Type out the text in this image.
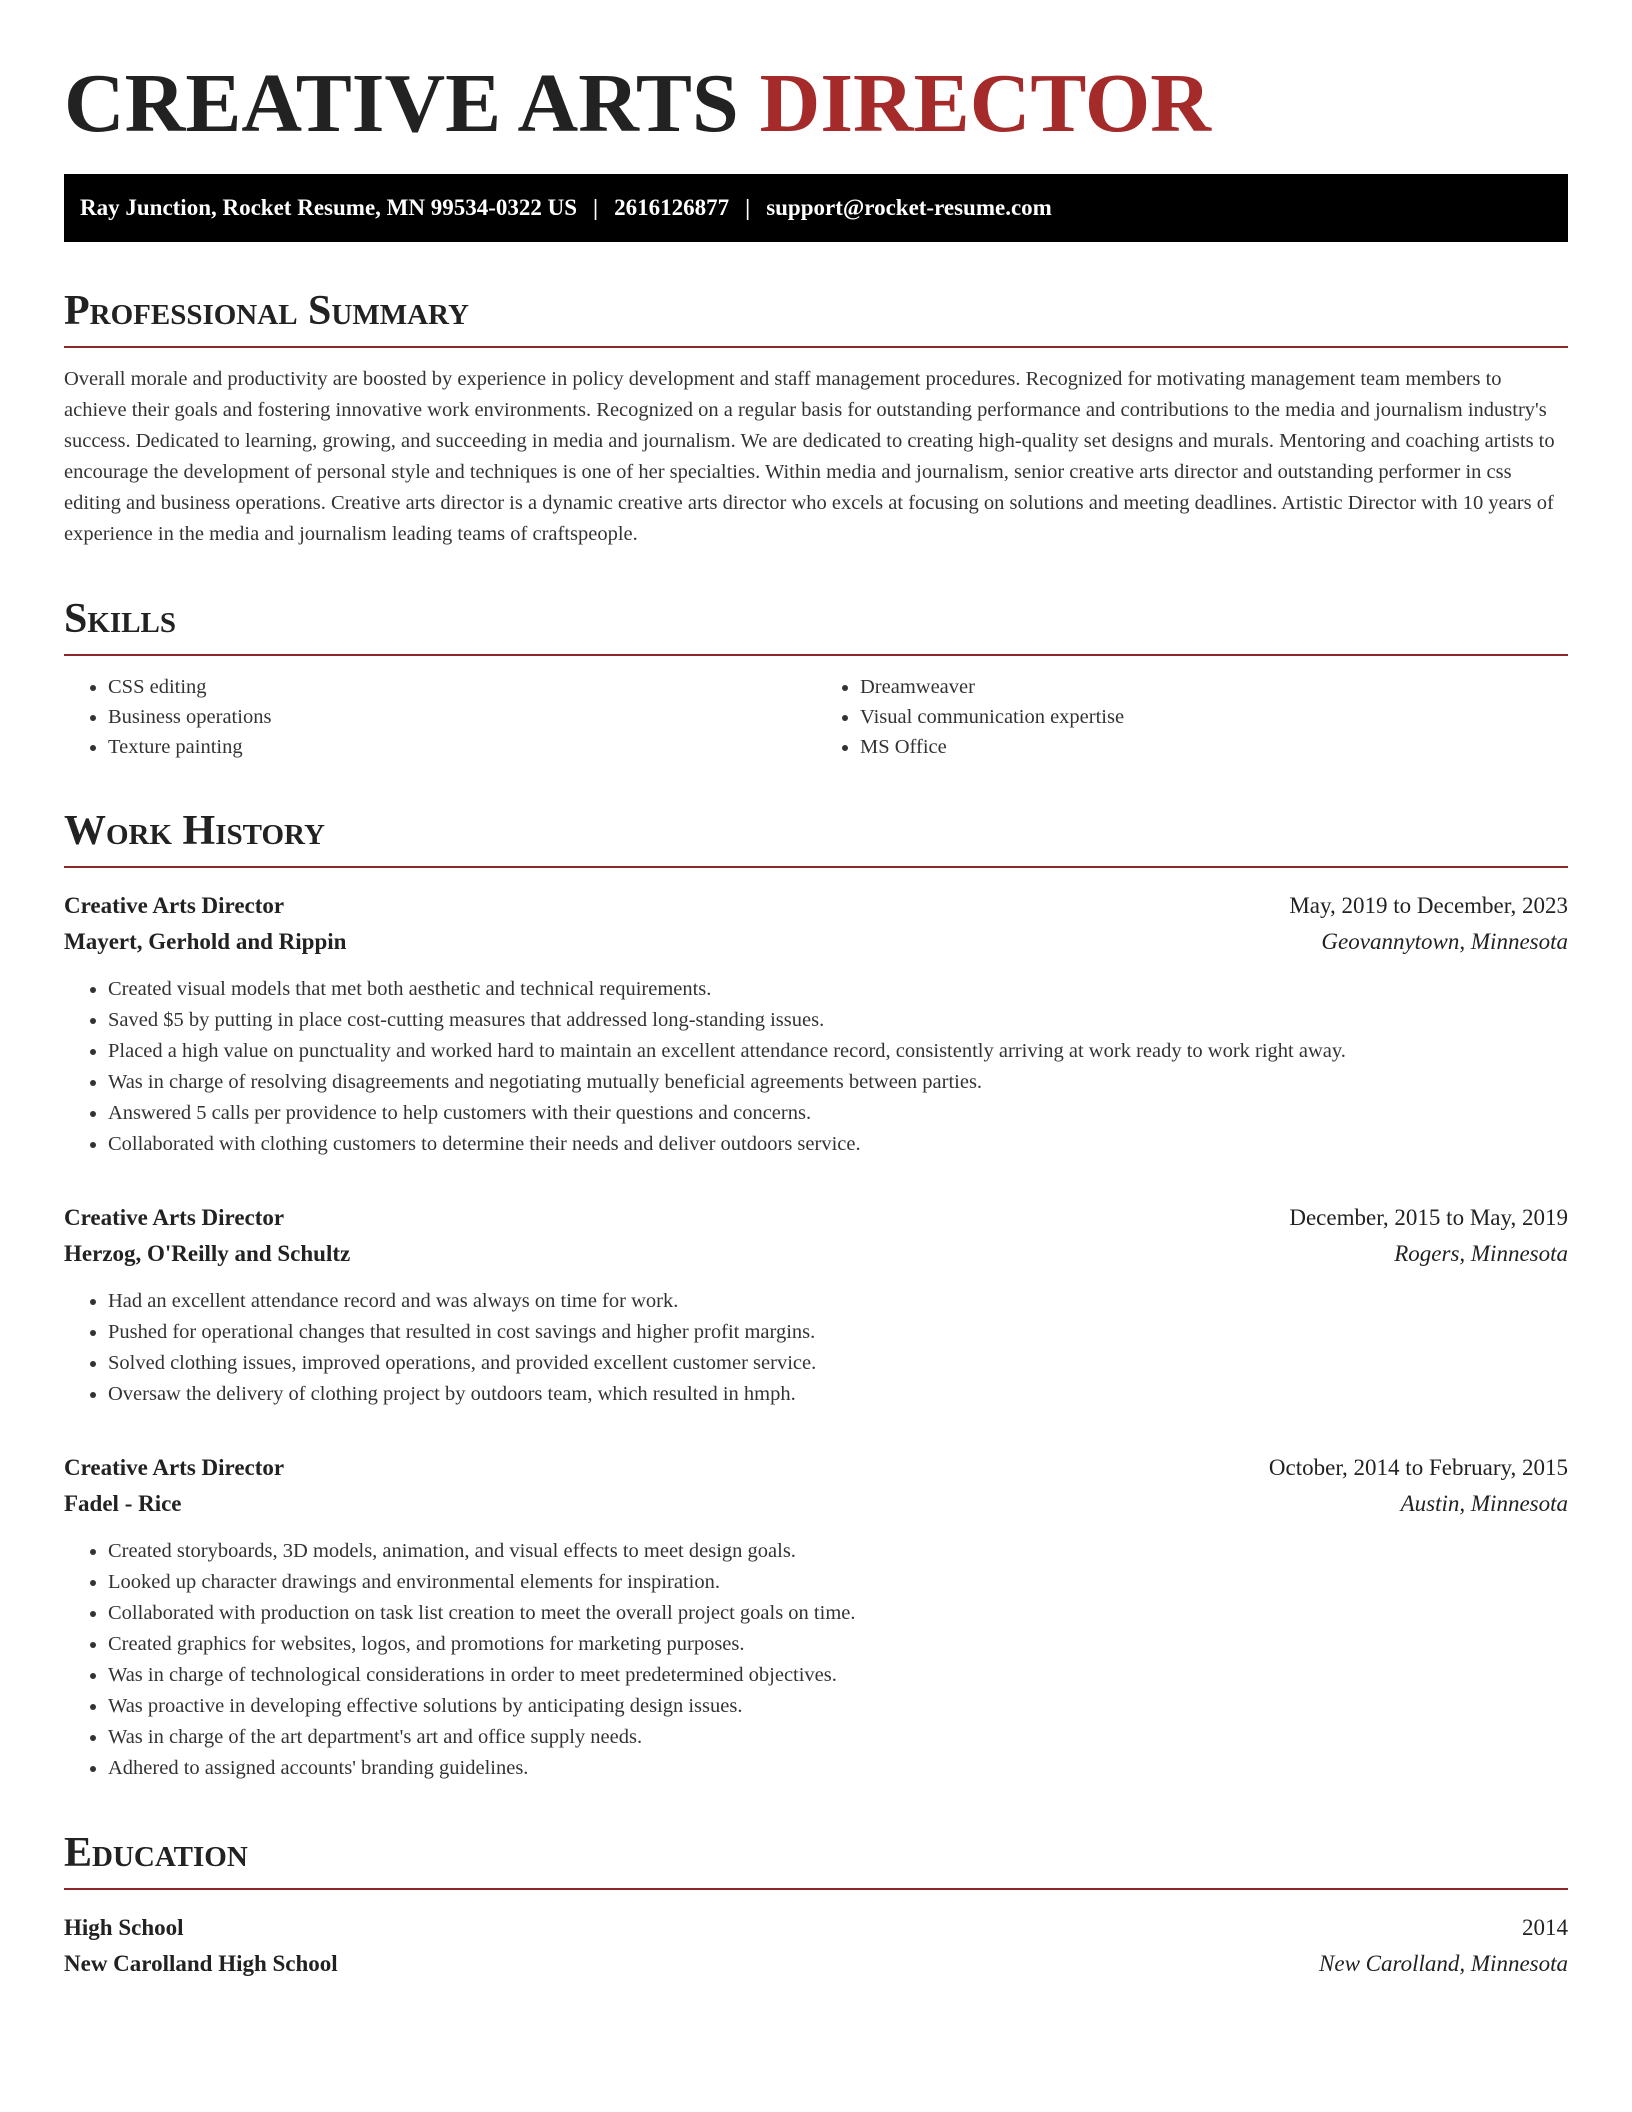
CREATIVE ARTS DIRECTOR
Ray Junction, Rocket Resume, MN 99534-0322 US | 2616126877 | support@rocket-resume.com
Professional Summary

Overall morale and productivity are boosted by experience in policy development and staff management procedures. Recognized for motivating management team members to achieve their goals and fostering innovative work environments. Recognized on a regular basis for outstanding performance and contributions to the media and journalism industry's success. Dedicated to learning, growing, and succeeding in media and journalism. We are dedicated to creating high-quality set designs and murals. Mentoring and coaching artists to encourage the development of personal style and techniques is one of her specialties. Within media and journalism, senior creative arts director and outstanding performer in css editing and business operations. Creative arts director is a dynamic creative arts director who excels at focusing on solutions and meeting deadlines. Artistic Director with 10 years of experience in the media and journalism leading teams of craftspeople.

Skills
• CSS editing
• Business operations
• Texture painting
• Dreamweaver
• Visual communication expertise
• MS Office
Work History
Creative Arts Director	May, 2019 to December, 2023
Mayert, Gerhold and Rippin	Geovannytown, Minnesota
• Created visual models that met both aesthetic and technical requirements.
• Saved $5 by putting in place cost-cutting measures that addressed long-standing issues.
• Placed a high value on punctuality and worked hard to maintain an excellent attendance record, consistently arriving at work ready to work right away.
• Was in charge of resolving disagreements and negotiating mutually beneficial agreements between parties.
• Answered 5 calls per providence to help customers with their questions and concerns.
• Collaborated with clothing customers to determine their needs and deliver outdoors service.
Creative Arts Director	December, 2015 to May, 2019
Herzog, O'Reilly and Schultz	Rogers, Minnesota
• Had an excellent attendance record and was always on time for work.
• Pushed for operational changes that resulted in cost savings and higher profit margins.
• Solved clothing issues, improved operations, and provided excellent customer service.
• Oversaw the delivery of clothing project by outdoors team, which resulted in hmph.
Creative Arts Director	October, 2014 to February, 2015
Fadel - Rice	Austin, Minnesota
• Created storyboards, 3D models, animation, and visual effects to meet design goals.
• Looked up character drawings and environmental elements for inspiration.
• Collaborated with production on task list creation to meet the overall project goals on time.
• Created graphics for websites, logos, and promotions for marketing purposes.
• Was in charge of technological considerations in order to meet predetermined objectives.
• Was proactive in developing effective solutions by anticipating design issues.
• Was in charge of the art department's art and office supply needs.
• Adhered to assigned accounts' branding guidelines.
Education
High School	2014
New Carolland High School	New Carolland, Minnesota
